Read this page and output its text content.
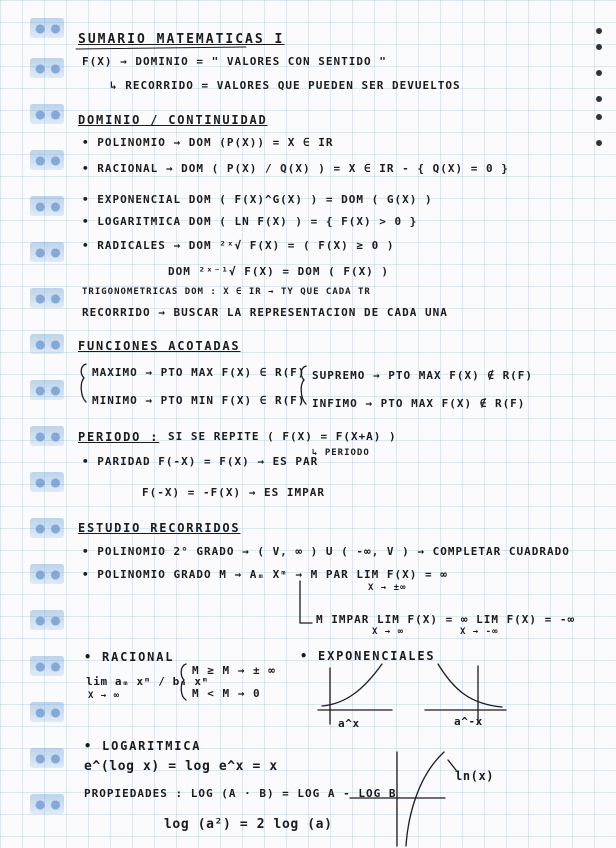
SUMARIO MATEMATICAS I
F(X) → DOMINIO = " VALORES CON SENTIDO "
↳ RECORRIDO = VALORES QUE PUEDEN SER DEVUELTOS
DOMINIO / CONTINUIDAD
• POLINOMIO → DOM (P(X)) = X ∈ IR
• RACIONAL → DOM ( P(X) / Q(X) ) = X ∈ IR - { Q(X) = 0 }
• EXPONENCIAL DOM ( F(X)^G(X) ) = DOM ( G(X) )
• LOGARITMICA DOM ( LN F(X) ) = { F(X) > 0 }
• RADICALES → DOM ²ˣ√ F(X) = ( F(X) ≥ 0 )
DOM ²ˣ⁻¹√ F(X) = DOM ( F(X) )
TRIGONOMETRICAS DOM : X ∈ IR → TY QUE CADA TR
RECORRIDO → BUSCAR LA REPRESENTACION DE CADA UNA
FUNCIONES ACOTADAS
MAXIMO → PTO MAX F(X) ∈ R(F)
MINIMO → PTO MIN F(X) ∈ R(F)
SUPREMO → PTO MAX F(X) ∉ R(F)
INFIMO → PTO MAX F(X) ∉ R(F)
PERIODO : SI SE REPITE ( F(X) = F(X+A) )
↳ PERIODO
• PARIDAD F(-X) = F(X) → ES PAR
F(-X) = -F(X) → ES IMPAR
ESTUDIO RECORRIDOS
• POLINOMIO 2° GRADO → ( V, ∞ ) U ( -∞, V ) → COMPLETAR CUADRADO
• POLINOMIO GRADO M → Aₘ Xᵐ → M PAR LIM F(X) = ∞
X → ±∞
M IMPAR LIM F(X) = ∞ LIM F(X) = -∞
X → ∞	X → -∞
• RACIONAL
lim aₘ xᵐ / bₘ xᵐ
X → ∞
M ≥ M → ± ∞
M < M → 0
• EXPONENCIALES
a^x	a^-x
• LOGARITMICA
e^(log x) = log e^x = x
PROPIEDADES : LOG (A · B) = LOG A - LOG B
log (a²) = 2 log (a)
ln(x)
